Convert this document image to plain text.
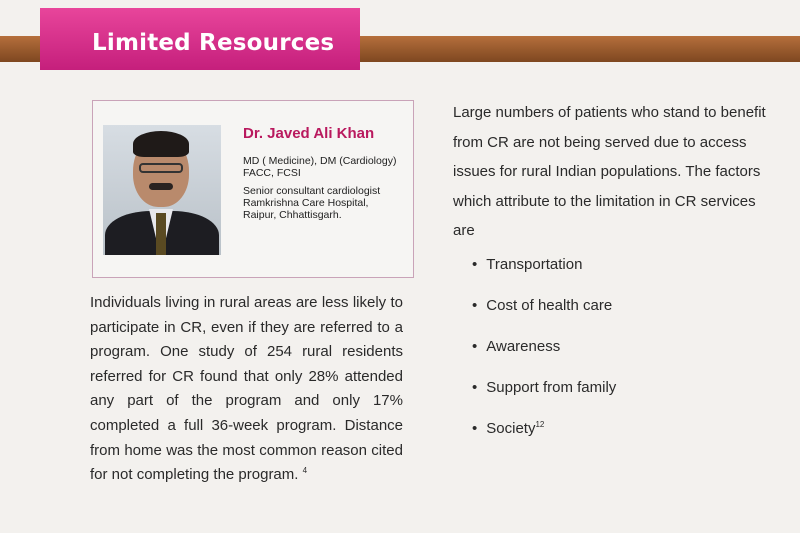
Limited Resources
Dr. Javed Ali Khan
MD ( Medicine), DM (Cardiology)
FACC, FCSI
Senior consultant cardiologist
Ramkrishna Care Hospital,
Raipur, Chhattisgarh.

Individuals living in rural areas are less likely to participate in CR, even if they are referred to a program. One study of 254 rural residents referred for CR found that only 28% attended any part of the program and only 17% completed a full 36-week program. Distance from home was the most common reason cited for not completing the program. $^4$

Large numbers of patients who stand to benefit from CR are not being served due to access issues for rural Indian populations. The factors which attribute to the limitation in CR services are

• Transportation
• Cost of health care
• Awareness
• Support from family
• Society$^{12}$
